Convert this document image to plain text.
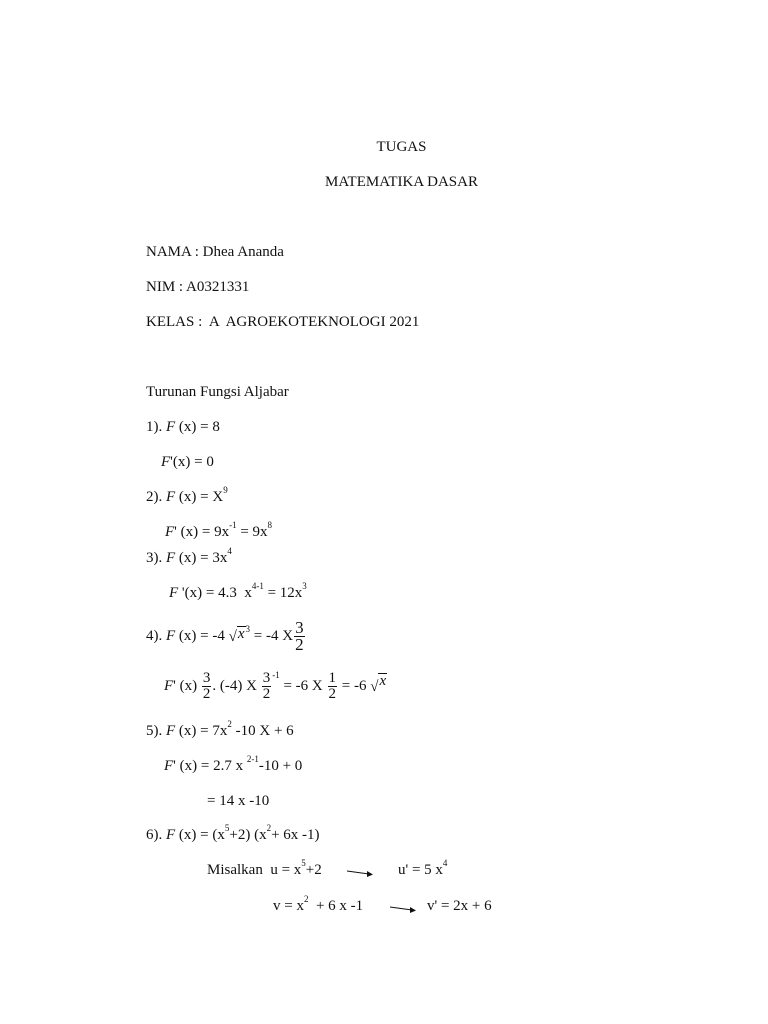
TUGAS
MATEMATIKA DASAR
NAMA : Dhea Ananda
NIM : A0321331
KELAS :  A  AGROEKOTEKNOLOGI 2021
Turunan Fungsi Aljabar
1). F (x) = 8
F'(x) = 0
2). F $(x) = X^9$
F' $(x) = 9x^{-1} = 9x^8$
3). F $(x) = 3x^4$
F '(x) = 4.3  $x^{4-1} = 12x^3$
4). F (x) = -4 √ x $^3$ = -4 X $\frac{3}{2}$
F' $(x) \frac{3}{2}$ . (-4) X $\frac{3}{2} ^{-1} = -6$ X $\frac{1}{2} = -6$ √ x
5). F $(x) = 7x^2$ -10 X + 6
F' (x) = 2.7 x $^{2-1}$-10 + 0
= 14 x -10
6). F $(x) = (x^5+2)$ ($x^2+ 6x$ -1)
Misalkan  $u = x^5+2$	u' = 5 $x^4$
$v = x^2 + 6$ x -1	v' = 2x + 6
